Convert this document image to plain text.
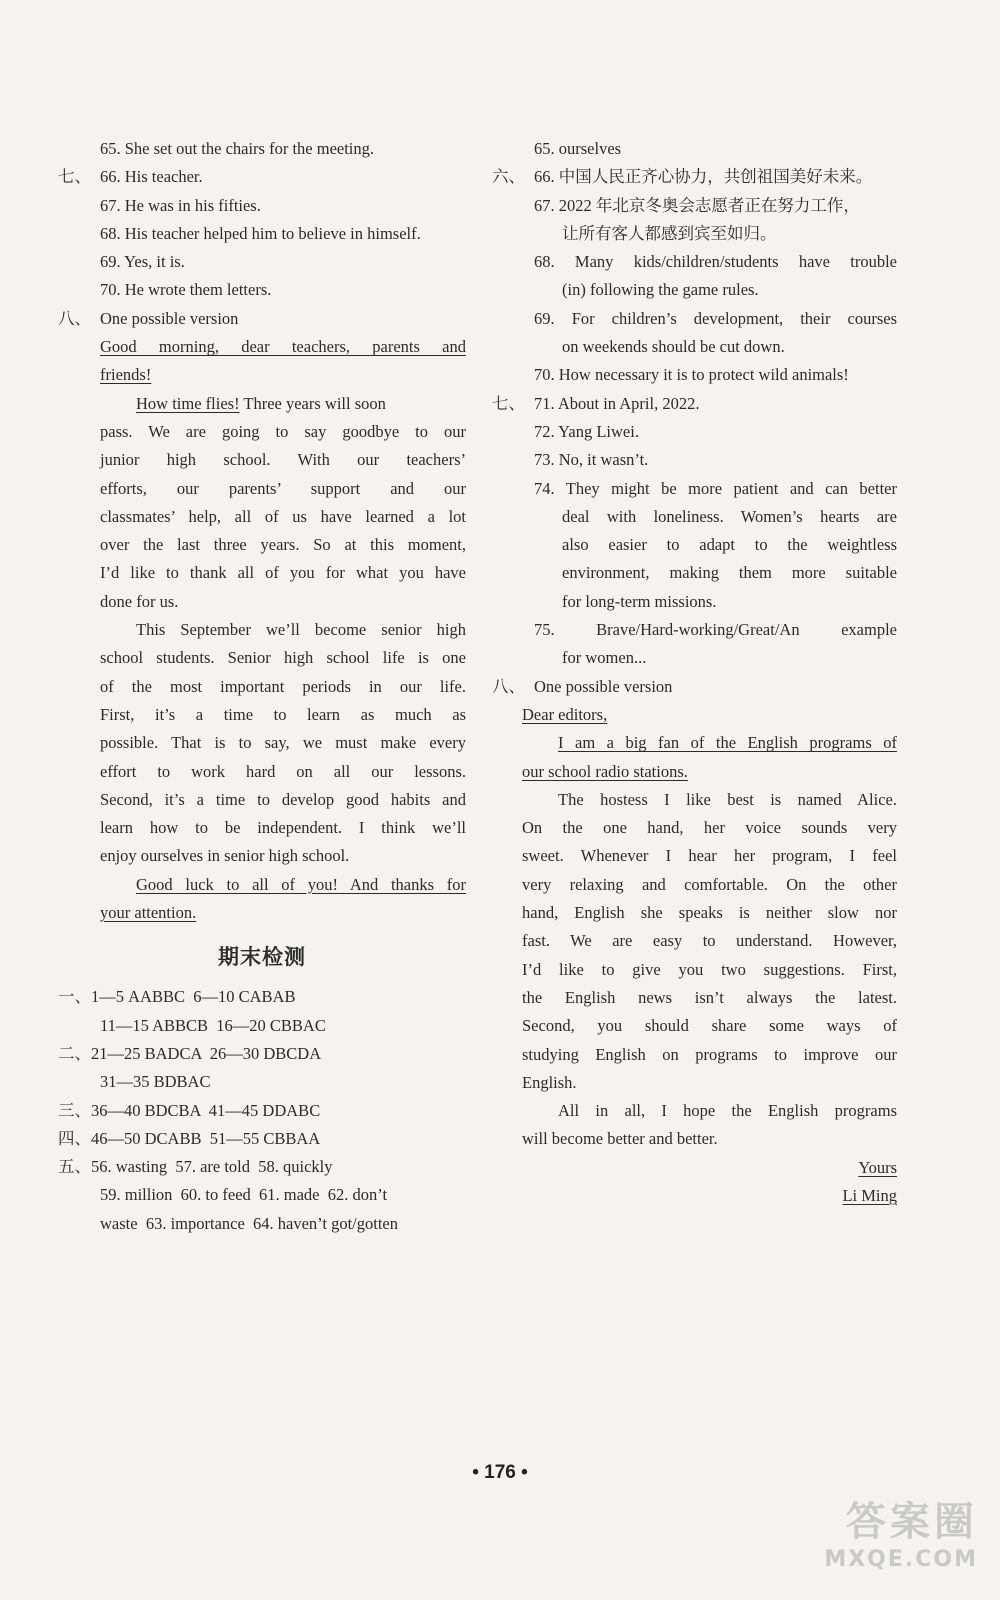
65. She set out the chairs for the meeting.
七、 66. His teacher.
67. He was in his fifties.
68. His teacher helped him to believe in himself.
69. Yes, it is.
70. He wrote them letters.
八、 One possible version
Good morning, dear teachers, parents and
friends!
How time flies! Three years will soon
pass. We are going to say goodbye to our
junior high school. With our teachers’
efforts, our parents’ support and our
classmates’ help, all of us have learned a lot
over the last three years. So at this moment,
I’d like to thank all of you for what you have
done for us.
This September we’ll become senior high
school students. Senior high school life is one
of the most important periods in our life.
First, it’s a time to learn as much as
possible. That is to say, we must make every
effort to work hard on all our lessons.
Second, it’s a time to develop good habits and
learn how to be independent. I think we’ll
enjoy ourselves in senior high school.
Good luck to all of you! And thanks for
your attention.
期末检测
一、1—5 AABBC  6—10 CABAB
11—15 ABBCB  16—20 CBBAC
二、21—25 BADCA  26—30 DBCDA
31—35 BDBAC
三、36—40 BDCBA  41—45 DDABC
四、46—50 DCABB  51—55 CBBAA
五、56. wasting  57. are told  58. quickly
59. million  60. to feed  61. made  62. don’t
waste  63. importance  64. haven’t got/gotten
65. ourselves
六、 66. 中国人民正齐心协力，共创祖国美好未来。
67. 2022 年北京冬奥会志愿者正在努力工作，
让所有客人都感到宾至如归。
68. Many kids/children/students have trouble
(in) following the game rules.
69. For children’s development, their courses
on weekends should be cut down.
70. How necessary it is to protect wild animals!
七、 71. About in April, 2022.
72. Yang Liwei.
73. No, it wasn’t.
74. They might be more patient and can better
deal with loneliness. Women’s hearts are
also easier to adapt to the weightless
environment, making them more suitable
for long-term missions.
75. Brave/Hard-working/Great/An example
for women...
八、 One possible version
Dear editors,
I am a big fan of the English programs of
our school radio stations.
The hostess I like best is named Alice.
On the one hand, her voice sounds very
sweet. Whenever I hear her program, I feel
very relaxing and comfortable. On the other
hand, English she speaks is neither slow nor
fast. We are easy to understand. However,
I’d like to give you two suggestions. First,
the English news isn’t always the latest.
Second, you should share some ways of
studying English on programs to improve our
English.
All in all, I hope the English programs
will become better and better.
Yours
Li Ming
• 176 •
答案圈
MXQE.COM
